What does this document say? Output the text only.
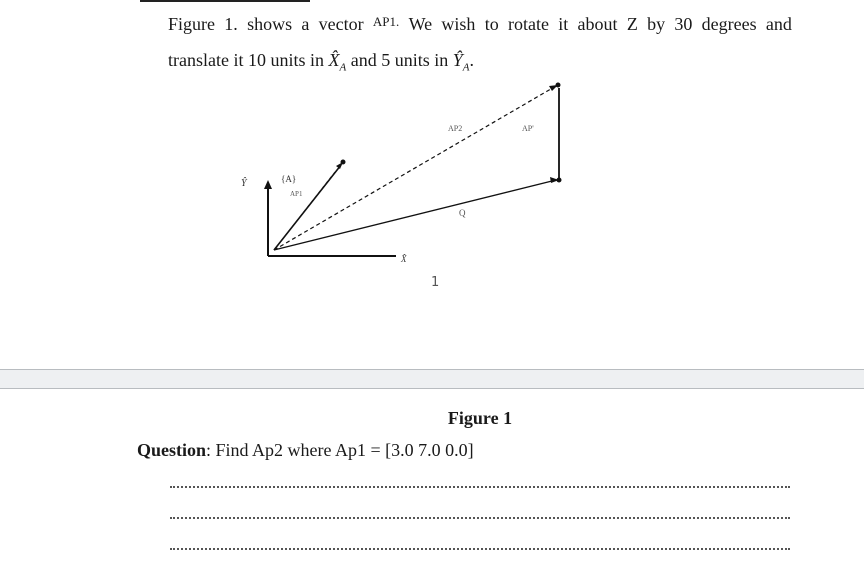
Figure 1. shows a vector AP1. We wish to rotate it about Z by 30 degrees and
translate it 10 units in $X̂_A$ and 5 units in $Ŷ_A$.
Ŷ	{A}
AP1
X̂
AP2	AP'
Q
1
Figure 1
Question: Find Ap2 where Ap1 = [3.0 7.0 0.0]
